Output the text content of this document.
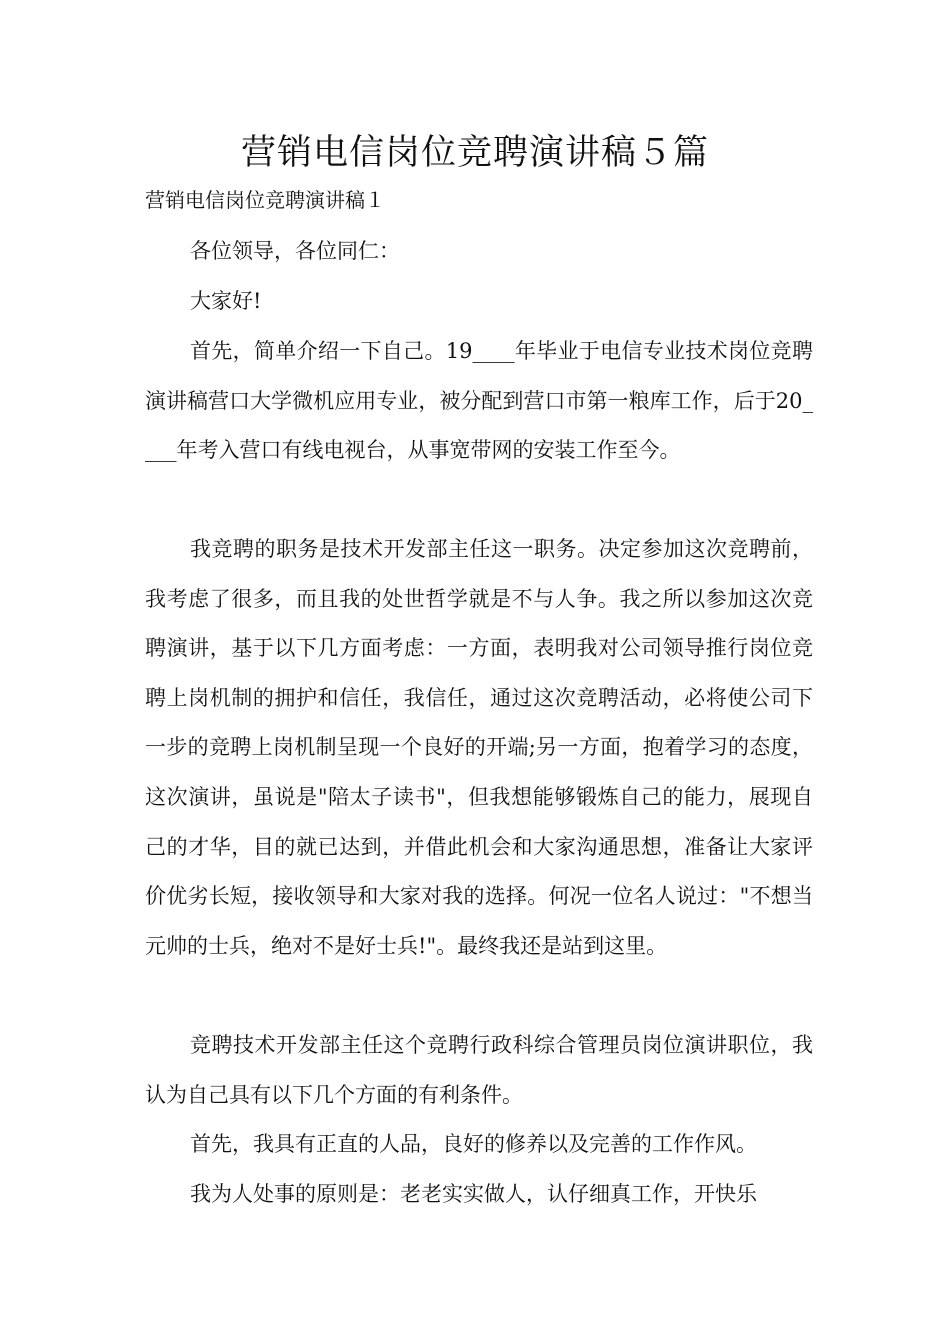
营销电信岗位竞聘演讲稿５篇

营销电信岗位竞聘演讲稿１

各位领导，各位同仁：

大家好!

首先，简单介绍一下自己。19____年毕业于电信专业技术岗位竞聘演讲稿营口大学微机应用专业，被分配到营口市第一粮库工作，后于20____年考入营口有线电视台，从事宽带网的安装工作至今。

我竞聘的职务是技术开发部主任这一职务。决定参加这次竞聘前，我考虑了很多，而且我的处世哲学就是不与人争。我之所以参加这次竞聘演讲，基于以下几方面考虑：一方面，表明我对公司领导推行岗位竞聘上岗机制的拥护和信任，我信任，通过这次竞聘活动，必将使公司下一步的竞聘上岗机制呈现一个良好的开端;另一方面，抱着学习的态度，这次演讲，虽说是"陪太子读书"，但我想能够锻炼自己的能力，展现自己的才华，目的就已达到，并借此机会和大家沟通思想，准备让大家评价优劣长短，接收领导和大家对我的选择。何况一位名人说过："不想当元帅的士兵，绝对不是好士兵!"。最终我还是站到这里。

竞聘技术开发部主任这个竞聘行政科综合管理员岗位演讲职位，我认为自己具有以下几个方面的有利条件。

首先，我具有正直的人品，良好的修养以及完善的工作作风。

我为人处事的原则是：老老实实做人，认仔细真工作，开快乐
